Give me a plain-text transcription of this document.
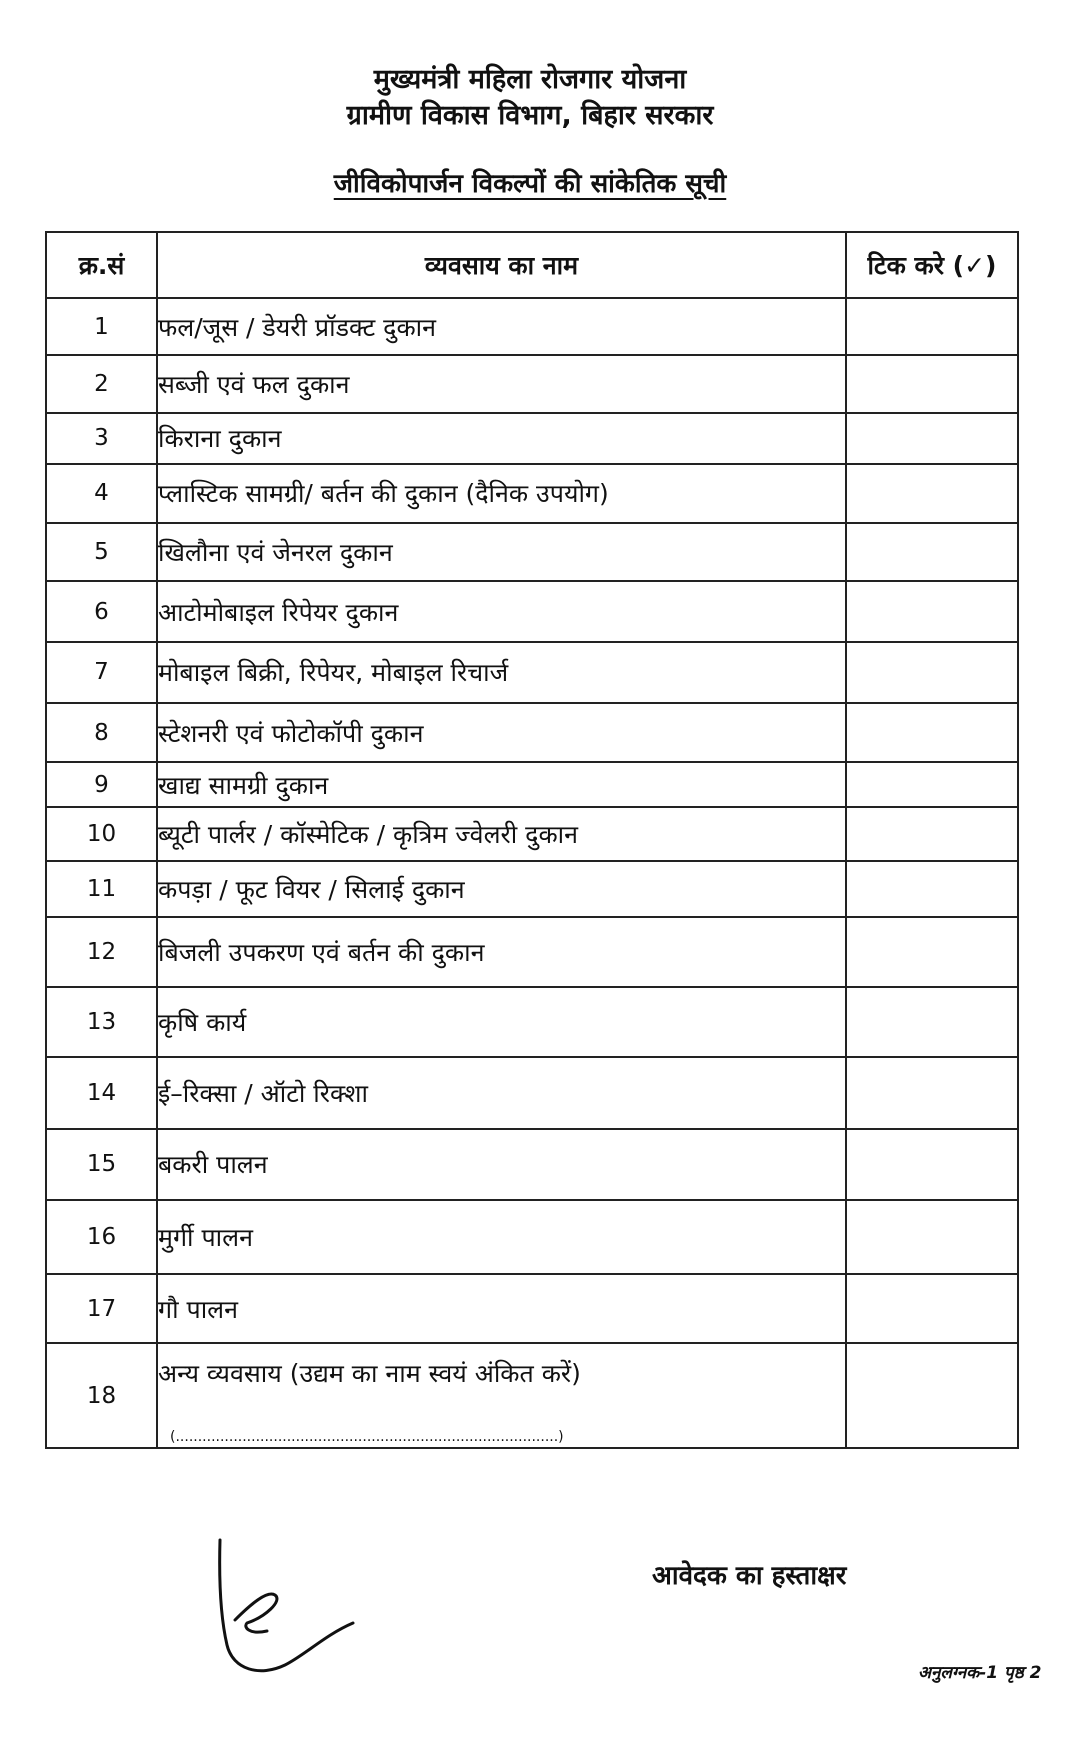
मुख्यमंत्री महिला रोजगार योजना
ग्रामीण विकास विभाग, बिहार सरकार
जीविकोपार्जन विकल्पों की सांकेतिक सूची
क्र.सं	व्यवसाय का नाम	टिक करे (✓)
1	फल/जूस / डेयरी प्रॉडक्ट दुकान	
2	सब्जी एवं फल दुकान	
3	किराना दुकान	
4	प्लास्टिक सामग्री/ बर्तन की दुकान (दैनिक उपयोग)	
5	खिलौना एवं जेनरल दुकान	
6	आटोमोबाइल रिपेयर दुकान	
7	मोबाइल बिक्री, रिपेयर, मोबाइल रिचार्ज	
8	स्टेशनरी एवं फोटोकॉपी दुकान	
9	खाद्य सामग्री दुकान	
10	ब्यूटी पार्लर / कॉस्मेटिक / कृत्रिम ज्वेलरी दुकान	
11	कपड़ा / फूट वियर / सिलाई दुकान	
12	बिजली उपकरण एवं बर्तन की दुकान	
13	कृषि कार्य	
14	ई–रिक्सा / ऑटो रिक्शा	
15	बकरी पालन	
16	मुर्गी पालन	
17	गौ पालन	
18	अन्य व्यवसाय (उद्यम का नाम स्वयं अंकित करें)
(......................................................................................)	

आवेदक का हस्ताक्षर
अनुलग्नक-1 पृष्ठ 2
